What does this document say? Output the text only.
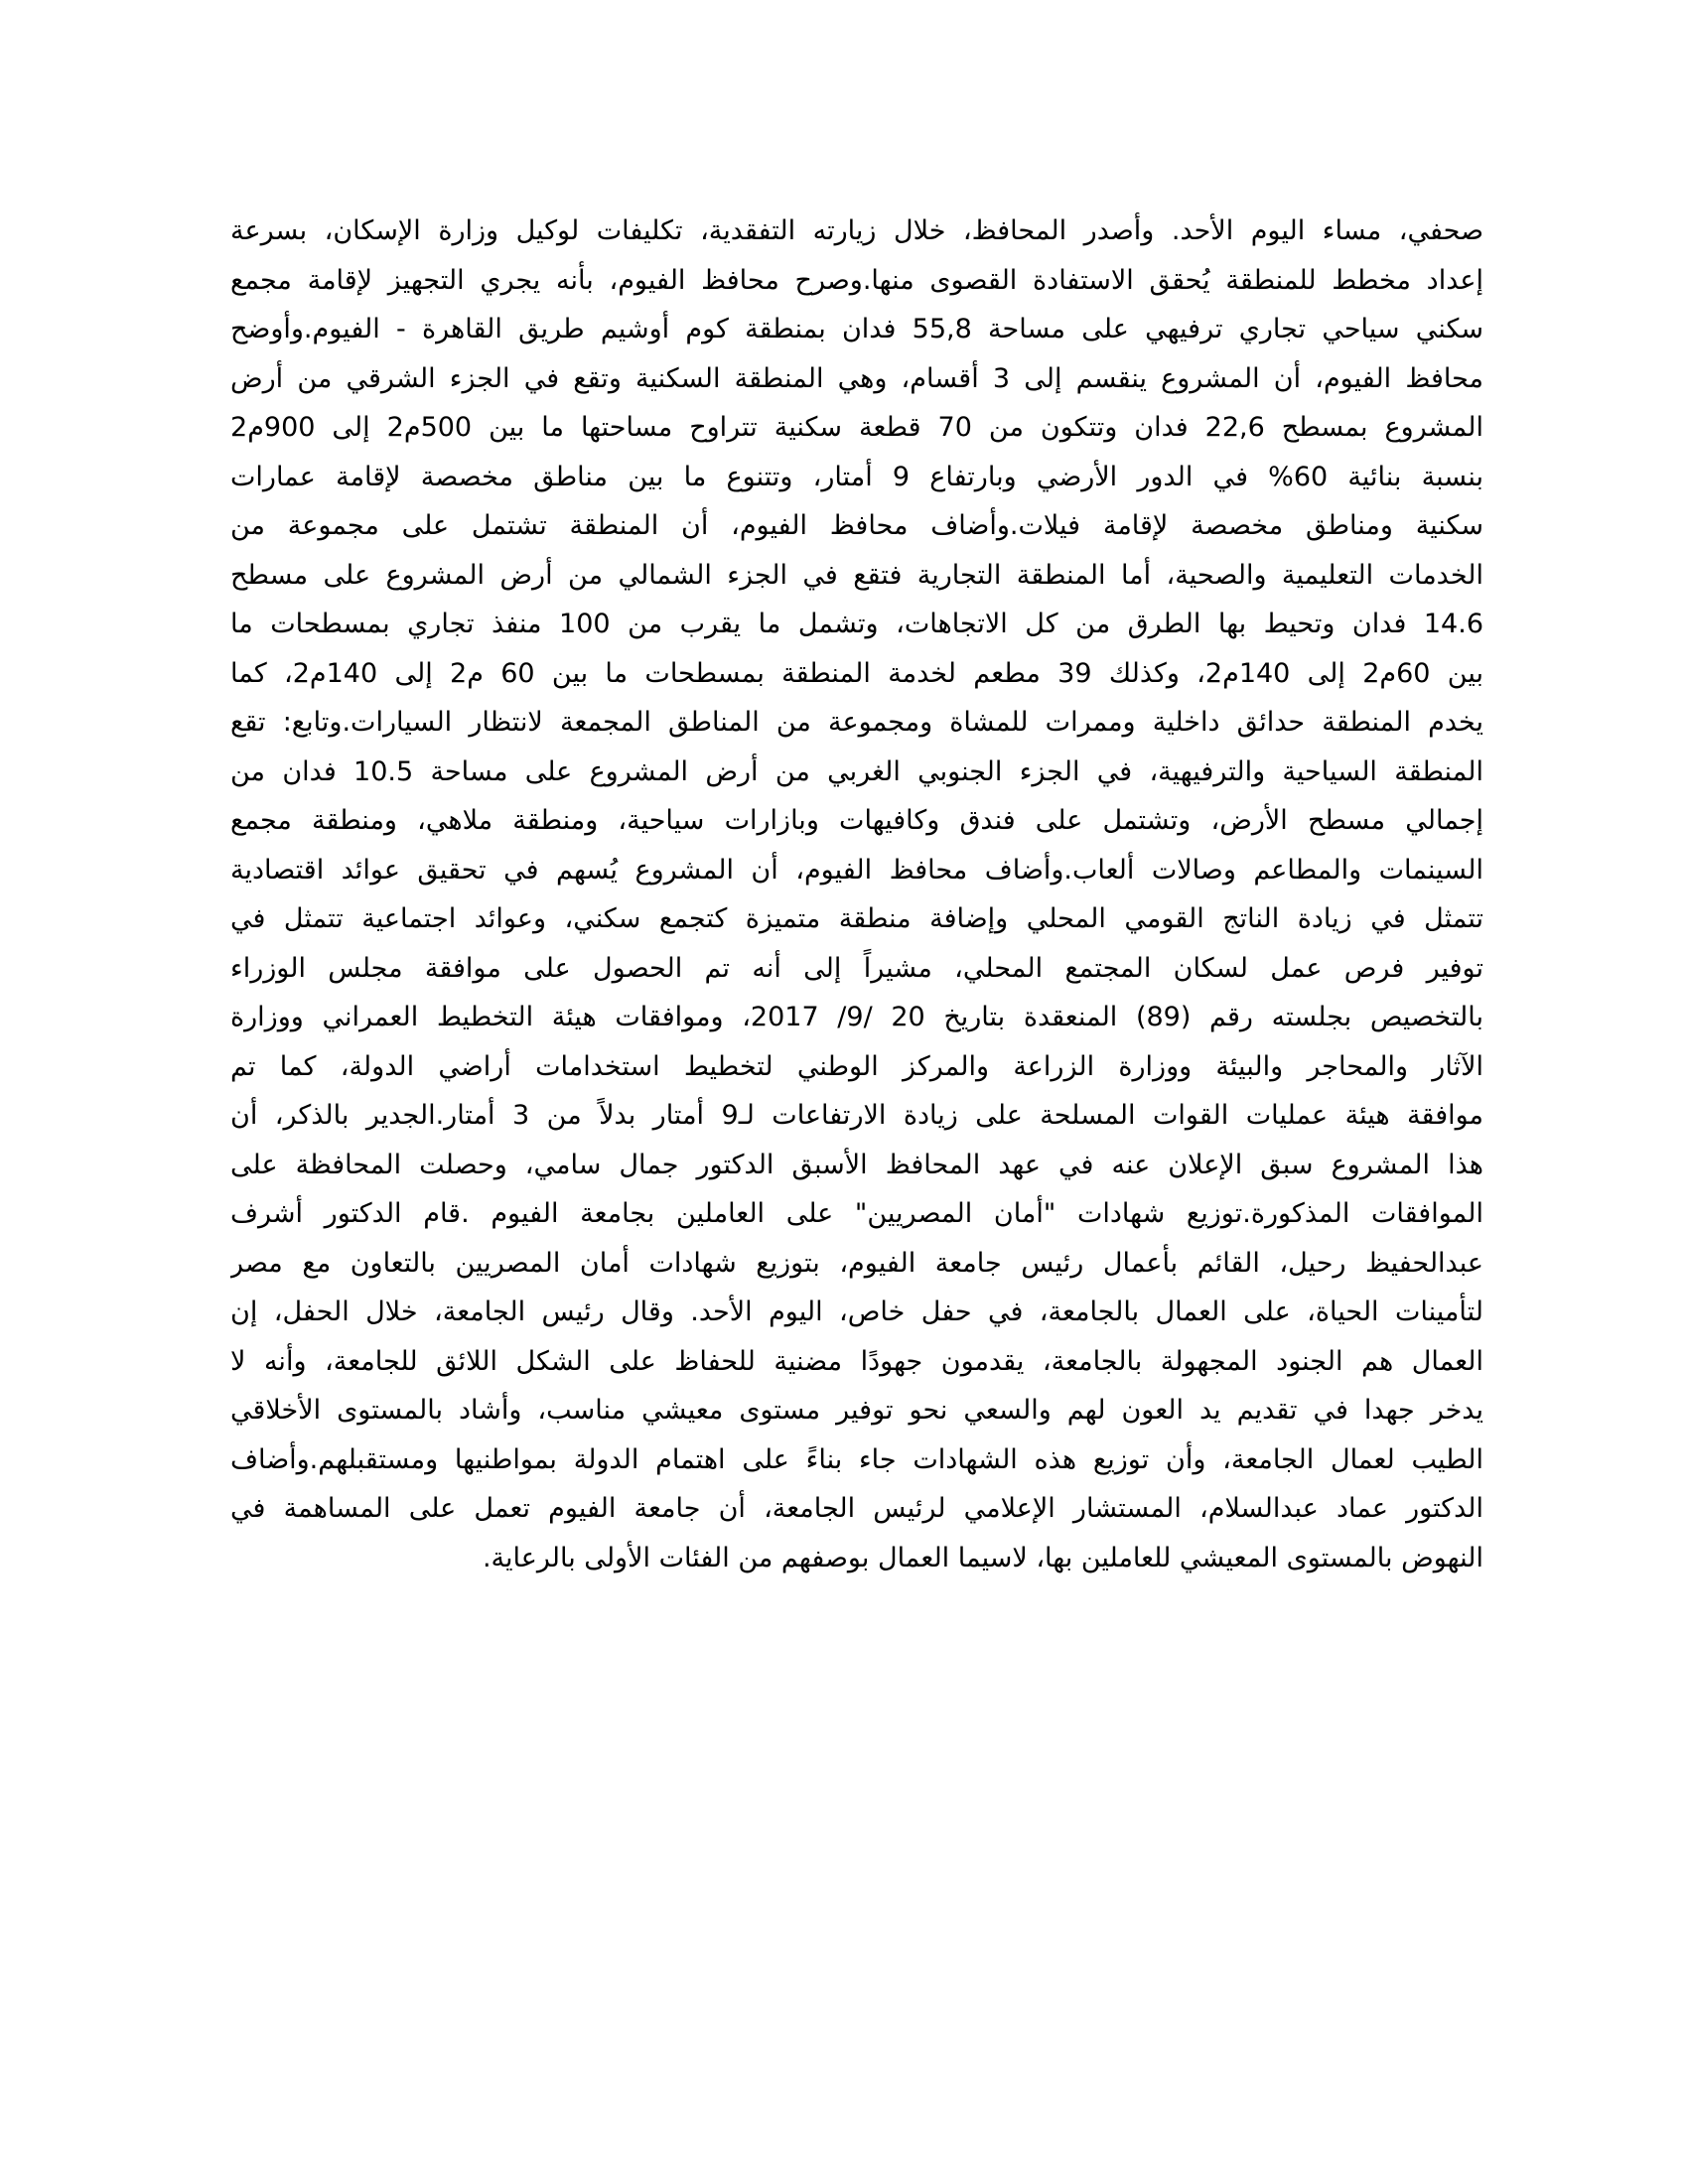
صحفي، مساء اليوم الأحد. وأصدر المحافظ، خلال زيارته التفقدية، تكليفات لوكيل وزارة الإسكان، بسرعة
إعداد مخطط للمنطقة يُحقق الاستفادة القصوى منها.وصرح محافظ الفيوم، بأنه يجري التجهيز لإقامة مجمع
سكني سياحي تجاري ترفيهي على مساحة 55,8 فدان بمنطقة كوم أوشيم طريق القاهرة - الفيوم.وأوضح
محافظ الفيوم، أن المشروع ينقسم إلى 3 أقسام، وهي المنطقة السكنية وتقع في الجزء الشرقي من أرض
المشروع بمسطح 22,6 فدان وتتكون من 70 قطعة سكنية تتراوح مساحتها ما بين 500م2 إلى 900م2
بنسبة بنائية 60% في الدور الأرضي وبارتفاع 9 أمتار، وتتنوع ما بين مناطق مخصصة لإقامة عمارات
سكنية ومناطق مخصصة لإقامة فيلات.وأضاف محافظ الفيوم، أن المنطقة تشتمل على مجموعة من
الخدمات التعليمية والصحية، أما المنطقة التجارية فتقع في الجزء الشمالي من أرض المشروع على مسطح
14.6 فدان وتحيط بها الطرق من كل الاتجاهات، وتشمل ما يقرب من 100 منفذ تجاري بمسطحات ما
بين 60م2 إلى 140م2، وكذلك 39 مطعم لخدمة المنطقة بمسطحات ما بين 60 م2 إلى 140م2، كما
يخدم المنطقة حدائق داخلية وممرات للمشاة ومجموعة من المناطق المجمعة لانتظار السيارات.وتابع: تقع
المنطقة السياحية والترفيهية، في الجزء الجنوبي الغربي من أرض المشروع على مساحة 10.5 فدان من
إجمالي مسطح الأرض، وتشتمل على فندق وكافيهات وبازارات سياحية، ومنطقة ملاهي، ومنطقة مجمع
السينمات والمطاعم وصالات ألعاب.وأضاف محافظ الفيوم، أن المشروع يُسهم في تحقيق عوائد اقتصادية
تتمثل في زيادة الناتج القومي المحلي وإضافة منطقة متميزة كتجمع سكني، وعوائد اجتماعية تتمثل في
توفير فرص عمل لسكان المجتمع المحلي، مشيراً إلى أنه تم الحصول على موافقة مجلس الوزراء
بالتخصيص بجلسته رقم (89) المنعقدة بتاريخ 20 /9/ 2017، وموافقات هيئة التخطيط العمراني ووزارة
الآثار والمحاجر والبيئة ووزارة الزراعة والمركز الوطني لتخطيط استخدامات أراضي الدولة، كما تم
موافقة هيئة عمليات القوات المسلحة على زيادة الارتفاعات لـ9 أمتار بدلاً من 3 أمتار.الجدير بالذكر، أن
هذا المشروع سبق الإعلان عنه في عهد المحافظ الأسبق الدكتور جمال سامي، وحصلت المحافظة على
الموافقات المذكورة.توزيع شهادات "أمان المصريين" على العاملين بجامعة الفيوم .قام الدكتور أشرف
عبدالحفيظ رحيل، القائم بأعمال رئيس جامعة الفيوم، بتوزيع شهادات أمان المصريين بالتعاون مع مصر
لتأمينات الحياة، على العمال بالجامعة، في حفل خاص، اليوم الأحد. وقال رئيس الجامعة، خلال الحفل، إن
العمال هم الجنود المجهولة بالجامعة، يقدمون جهودًا مضنية للحفاظ على الشكل اللائق للجامعة، وأنه لا
يدخر جهدا في تقديم يد العون لهم والسعي نحو توفير مستوى معيشي مناسب، وأشاد بالمستوى الأخلاقي
الطيب لعمال الجامعة، وأن توزيع هذه الشهادات جاء بناءً على اهتمام الدولة بمواطنيها ومستقبلهم.وأضاف
الدكتور عماد عبدالسلام، المستشار الإعلامي لرئيس الجامعة، أن جامعة الفيوم تعمل على المساهمة في
النهوض بالمستوى المعيشي للعاملين بها، لاسيما العمال بوصفهم من الفئات الأولى بالرعاية.
